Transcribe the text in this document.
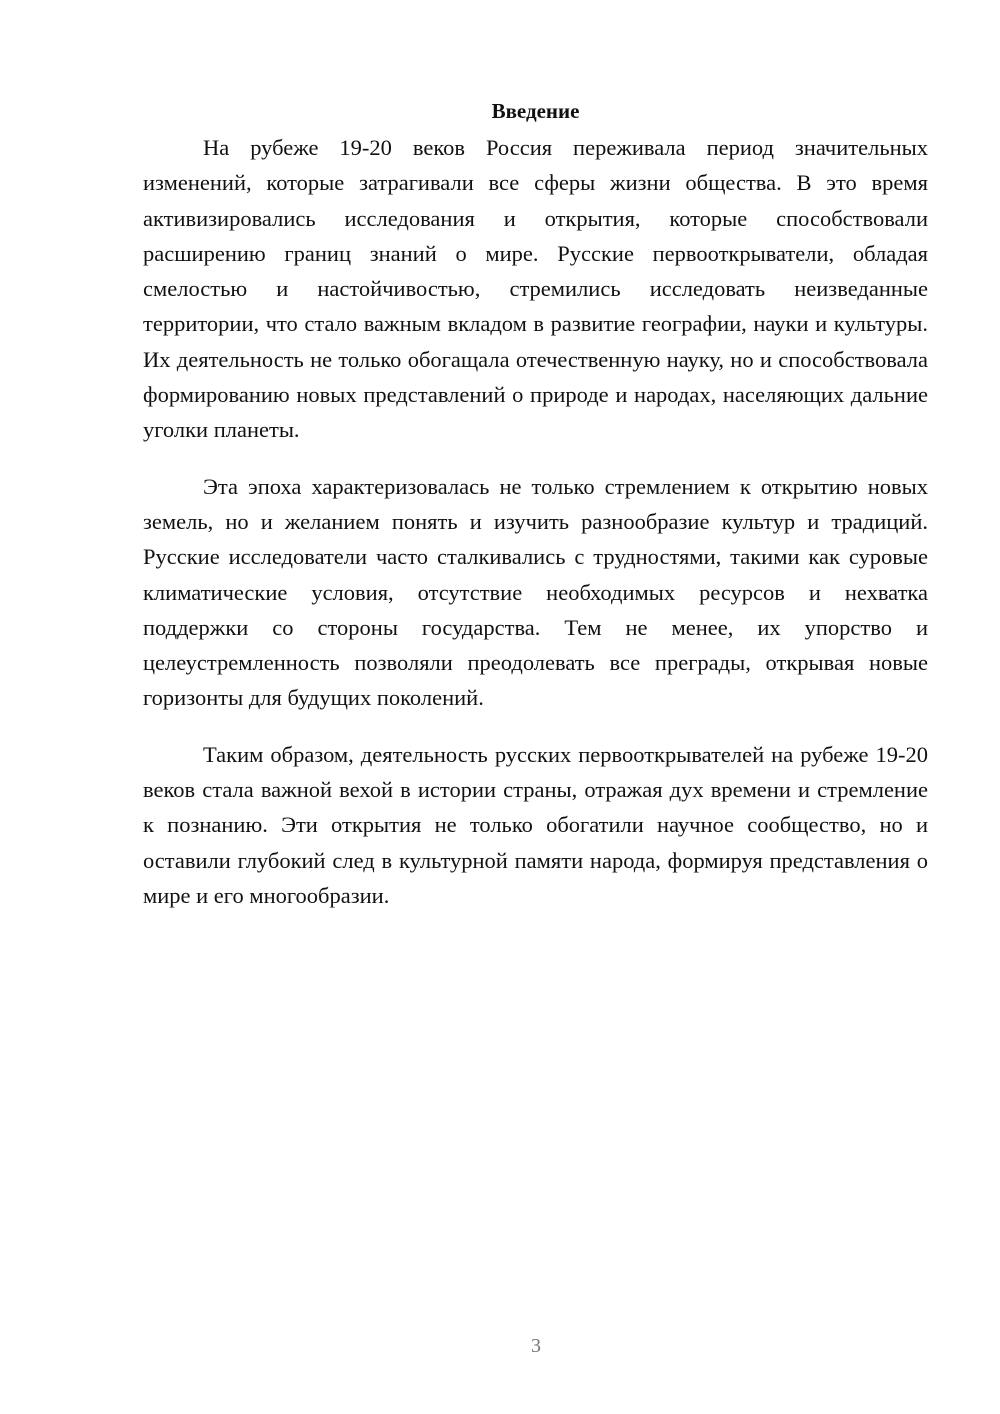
Введение

На рубеже 19-20 веков Россия переживала период значительных изменений, которые затрагивали все сферы жизни общества. В это время активизировались исследования и открытия, которые способствовали расширению границ знаний о мире. Русские первооткрыватели, обладая смелостью и настойчивостью, стремились исследовать неизведанные территории, что стало важным вкладом в развитие географии, науки и культуры. Их деятельность не только обогащала отечественную науку, но и способствовала формированию новых представлений о природе и народах, населяющих дальние уголки планеты.

Эта эпоха характеризовалась не только стремлением к открытию новых земель, но и желанием понять и изучить разнообразие культур и традиций. Русские исследователи часто сталкивались с трудностями, такими как суровые климатические условия, отсутствие необходимых ресурсов и нехватка поддержки со стороны государства. Тем не менее, их упорство и целеустремленность позволяли преодолевать все преграды, открывая новые горизонты для будущих поколений.

Таким образом, деятельность русских первооткрывателей на рубеже 19-20 веков стала важной вехой в истории страны, отражая дух времени и стремление к познанию. Эти открытия не только обогатили научное сообщество, но и оставили глубокий след в культурной памяти народа, формируя представления о мире и его многообразии.

3
